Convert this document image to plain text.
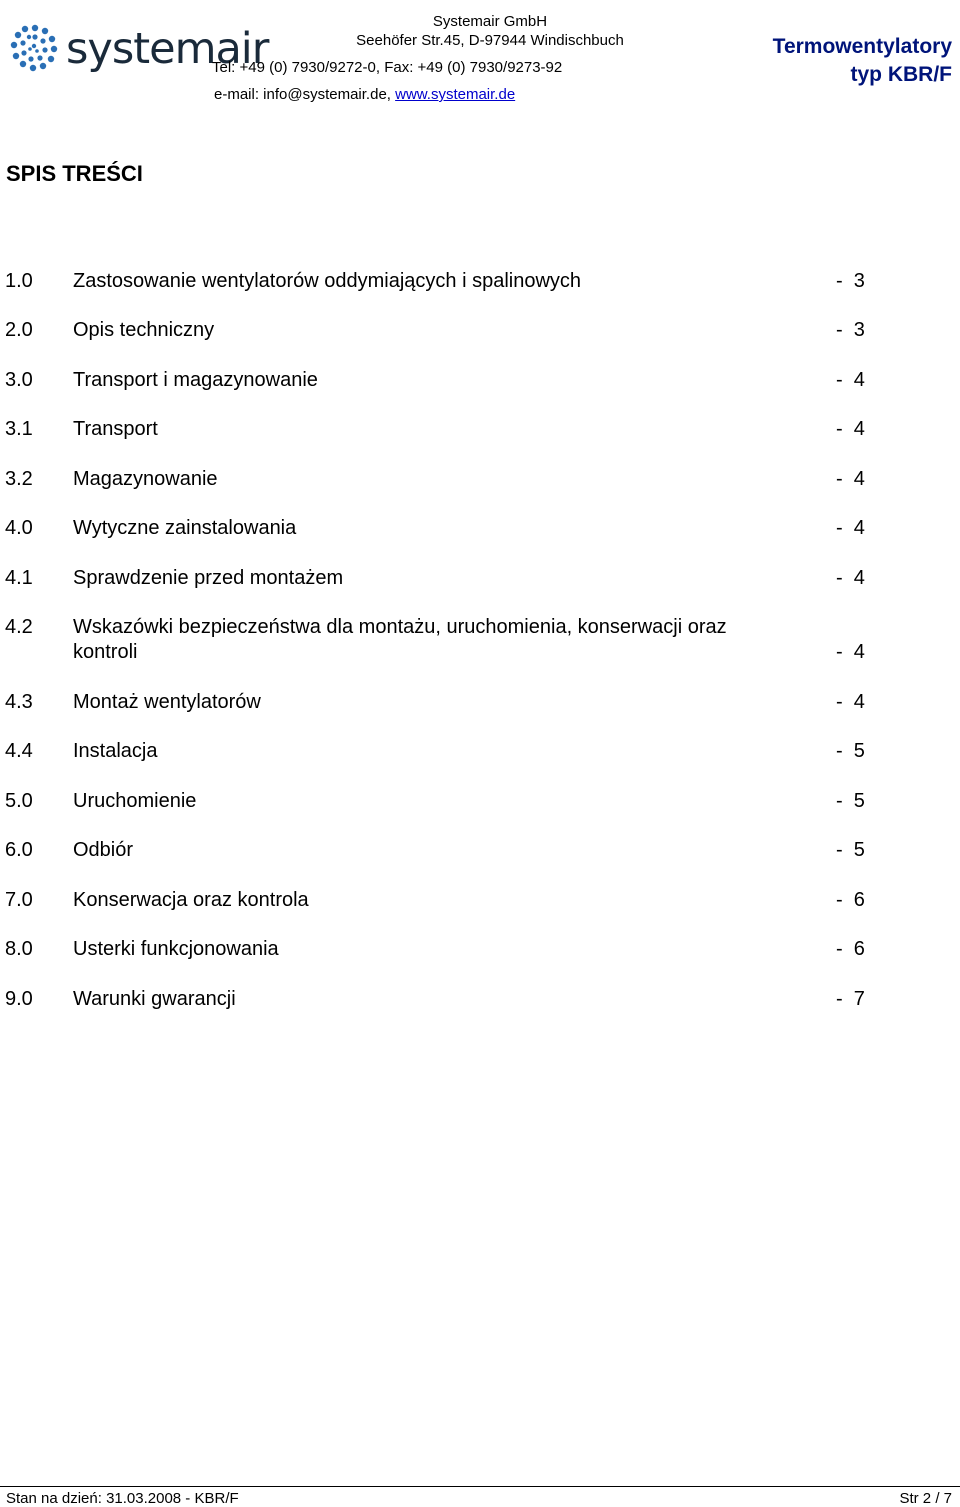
systemair
Systemair GmbH
Seehöfer Str.45, D-97944 Windischbuch
Tel: +49 (0) 7930/9272-0, Fax: +49 (0) 7930/9273-92
e-mail: info@systemair.de, www.systemair.de
Termowentylatory
typ KBR/F
SPIS TREŚCI
1.0 Zastosowanie wentylatorów oddymiających i spalinowych	-  3
2.0 Opis techniczny	-  3
3.0 Transport i magazynowanie	-  4
3.1 Transport	-  4
3.2 Magazynowanie	-  4
4.0 Wytyczne zainstalowania	-  4
4.1 Sprawdzenie przed montażem	-  4
4.2 Wskazówki bezpieczeństwa dla montażu, uruchomienia, konserwacji oraz
kontroli	-  4
4.3 Montaż wentylatorów	-  4
4.4 Instalacja	-  5
5.0 Uruchomienie	-  5
6.0 Odbiór	-  5
7.0 Konserwacja oraz kontrola	-  6
8.0 Usterki funkcjonowania	-  6
9.0 Warunki gwarancji	-  7
Stan na dzień: 31.03.2008 - KBR/F	Str 2 / 7
